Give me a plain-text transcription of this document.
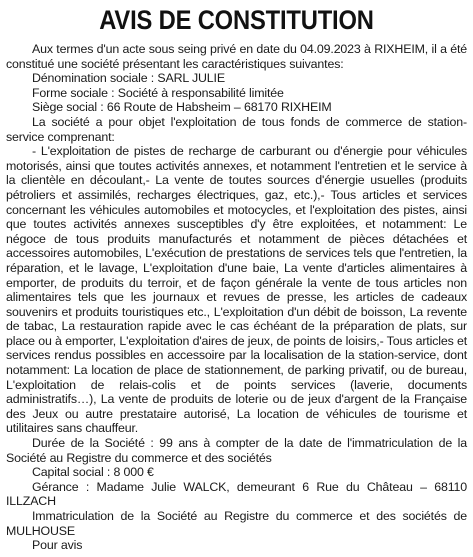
AVIS DE CONSTITUTION

Aux termes d'un acte sous seing privé en date du 04.09.2023 à RIXHEIM, il a été constitué une société présentant les caractéristiques suivantes:

Dénomination sociale : SARL JULIE

Forme sociale : Société à responsabilité limitée

Siège social : 66 Route de Habsheim – 68170 RIXHEIM

La société a pour objet l'exploitation de tous fonds de commerce de station-service comprenant:

- L'exploitation de pistes de recharge de carburant ou d'énergie pour véhicules motorisés, ainsi que toutes activités annexes, et notamment l'entretien et le service à la clientèle en découlant,- La vente de toutes sources d'énergie usuelles (produits pétroliers et assimilés, recharges électriques, gaz, etc.),- Tous articles et services concernant les véhicules automobiles et motocycles, et l'exploitation des pistes, ainsi que toutes activités annexes susceptibles d'y être exploitées, et notamment: Le négoce de tous produits manufacturés et notamment de pièces détachées et accessoires automobiles, L'exécution de prestations de services tels que l'entretien, la réparation, et le lavage, L'exploitation d'une baie, La vente d'articles alimentaires à emporter, de produits du terroir, et de façon générale la vente de tous articles non alimentaires tels que les journaux et revues de presse, les articles de cadeaux souvenirs et produits touristiques etc., L'exploitation d'un débit de boisson, La revente de tabac, La restauration rapide avec le cas échéant de la préparation de plats, sur place ou à emporter, L'exploitation d'aires de jeux, de points de loisirs,- Tous articles et services rendus possibles en accessoire par la localisation de la station-service, dont notamment: La location de place de stationnement, de parking privatif, ou de bureau, L'exploitation de relais-colis et de points services (laverie, documents administratifs…), La vente de produits de loterie ou de jeux d'argent de la Française des Jeux ou autre prestataire autorisé, La location de véhicules de tourisme et utilitaires sans chauffeur.

Durée de la Société : 99 ans à compter de la date de l'immatriculation de la Société au Registre du commerce et des sociétés

Capital social : 8 000 €

Gérance : Madame Julie WALCK, demeurant 6 Rue du Château – 68110 ILLZACH

Immatriculation de la Société au Registre du commerce et des sociétés de MULHOUSE

Pour avis
